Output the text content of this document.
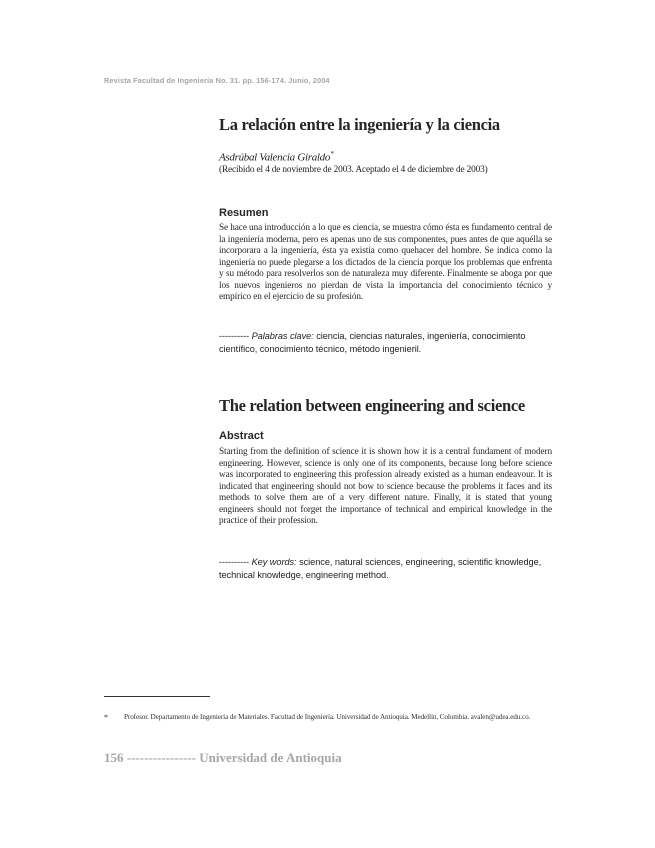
Revista Facultad de Ingeniería No. 31. pp. 156-174. Junio, 2004
La relación entre la ingeniería y la ciencia
Asdrúbal Valencia Giraldo*
(Recibido el 4 de noviembre de 2003. Aceptado el 4 de diciembre de 2003)
Resumen

Se hace una introducción a lo que es ciencia, se muestra cómo ésta es fundamento central de la ingeniería moderna, pero es apenas uno de sus componentes, pues antes de que aquélla se incorporara a la ingeniería, ésta ya existía como quehacer del hombre. Se indica como la ingeniería no puede plegarse a los dictados de la ciencia porque los problemas que enfrenta y su método para resolverlos son de naturaleza muy diferente. Finalmente se aboga por que los nuevos ingenieros no pierdan de vista la importancia del conocimiento técnico y empírico en el ejercicio de su profesión.

---------- Palabras clave: ciencia, ciencias naturales, ingeniería, conocimiento científico, conocimiento técnico, método ingenieril.

The relation between engineering and science
Abstract

Starting from the definition of science it is shown how it is a central fundament of modern engineering. However, science is only one of its components, because long before science was incorporated to engineering this profession already existed as a human endeavour. It is indicated that engineering should not bow to science because the problems it faces and its methods to solve them are of a very different nature. Finally, it is stated that young engineers should not forget the importance of technical and empirical knowledge in the practice of their profession.

---------- Key words: science, natural sciences, engineering, scientific knowledge, technical knowledge, engineering method.

* Profesor. Departamento de Ingeniería de Materiales. Facultad de Ingeniería. Universidad de Antioquia. Medellín, Colombia. avalen@udea.edu.co.

156 ---------------- Universidad de Antioquia
